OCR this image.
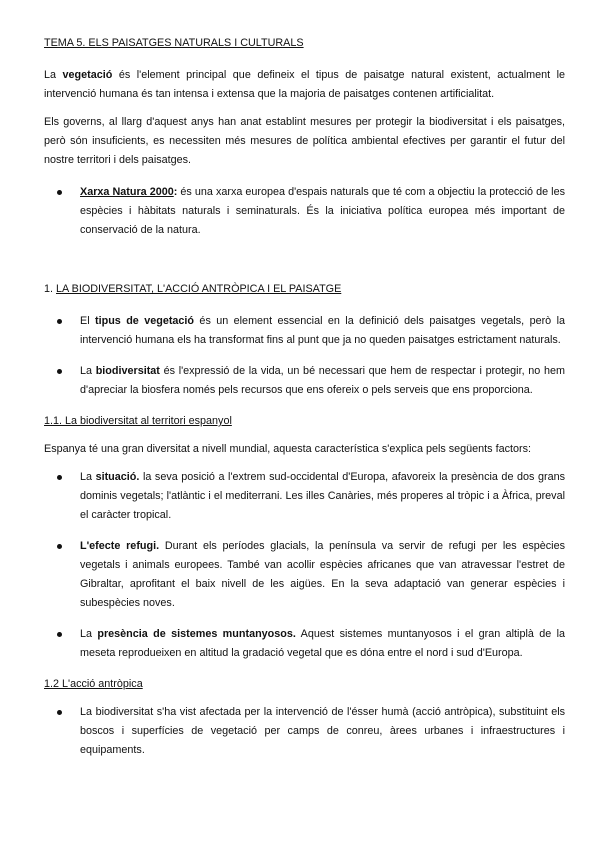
TEMA 5. ELS PAISATGES NATURALS I CULTURALS

La vegetació és l'element principal que defineix el tipus de paisatge natural existent, actualment le intervenció humana és tan intensa i extensa que la majoria de paisatges contenen artificialitat.

Els governs, al llarg d'aquest anys han anat establint mesures per protegir la biodiversitat i els paisatges, però són insuficients, es necessiten més mesures de política ambiental efectives per garantir el futur del nostre territori i dels paisatges.

Xarxa Natura 2000: és una xarxa europea d'espais naturals que té com a objectiu la protecció de les espècies i hàbitats naturals i seminaturals. És la iniciativa política europea més important de conservació de la natura.

1. LA BIODIVERSITAT, L'ACCIÓ ANTRÒPICA I EL PAISATGE

El tipus de vegetació és un element essencial en la definició dels paisatges vegetals, però la intervenció humana els ha transformat fins al punt que ja no queden paisatges estrictament naturals.
La biodiversitat és l'expressió de la vida, un bé necessari que hem de respectar i protegir, no hem d'apreciar la biosfera només pels recursos que ens ofereix o pels serveis que ens proporciona.

1.1. La biodiversitat al territori espanyol

Espanya té una gran diversitat a nivell mundial, aquesta característica s'explica pels següents factors:

La situació. la seva posició a l'extrem sud-occidental d'Europa, afavoreix la presència de dos grans dominis vegetals; l'atlàntic i el mediterrani. Les illes Canàries, més properes al tròpic i a Àfrica, preval el caràcter tropical.
L'efecte refugi. Durant els períodes glacials, la península va servir de refugi per les espècies vegetals i animals europees. També van acollir espècies africanes que van atravessar l'estret de Gibraltar, aprofitant el baix nivell de les aigües. En la seva adaptació van generar espècies i subespècies noves.
La presència de sistemes muntanyosos. Aquest sistemes muntanyosos i el gran altiplà de la meseta reprodueixen en altitud la gradació vegetal que es dóna entre el nord i sud d'Europa.

1.2 L'acció antròpica

La biodiversitat s'ha vist afectada per la intervenció de l'ésser humà (acció antròpica), substituint els boscos i superfícies de vegetació per camps de conreu, àrees urbanes i infraestructures i equipaments.
